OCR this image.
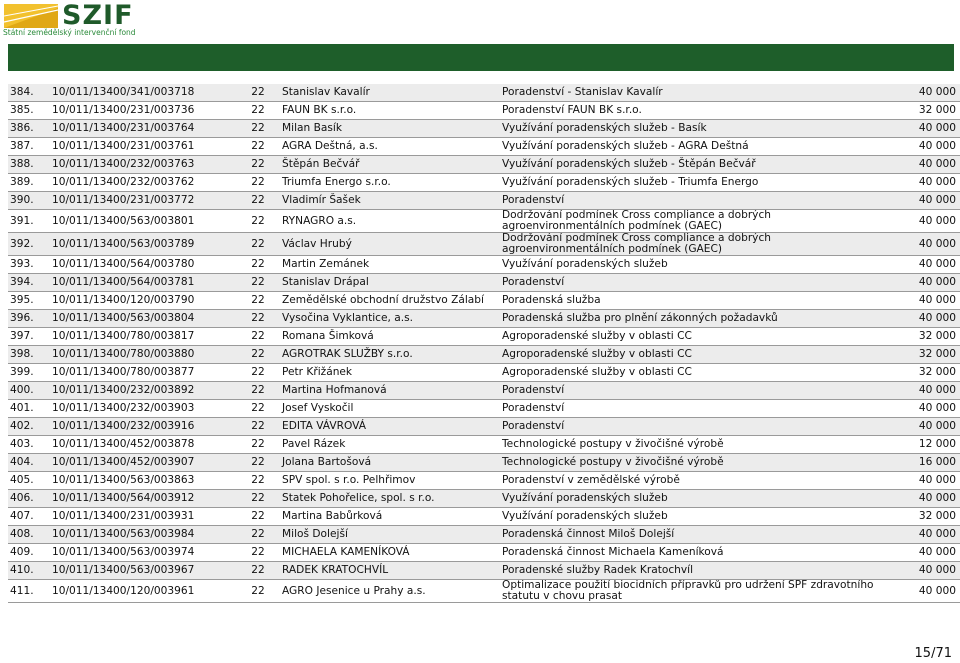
SZIF
Státní zemědělský intervenční fond
384.	10/011/13400/341/003718	22	Stanislav Kavalír	Poradenství - Stanislav Kavalír	40 000
385.	10/011/13400/231/003736	22	FAUN BK s.r.o.	Poradenství FAUN BK s.r.o.	32 000
386.	10/011/13400/231/003764	22	Milan Basík	Využívání poradenských služeb - Basík	40 000
387.	10/011/13400/231/003761	22	AGRA Deštná, a.s.	Využívání poradenských služeb - AGRA Deštná	40 000
388.	10/011/13400/232/003763	22	Štěpán Bečvář	Využívání poradenských služeb - Štěpán Bečvář	40 000
389.	10/011/13400/232/003762	22	Triumfa Energo s.r.o.	Využívání poradenských služeb - Triumfa Energo	40 000
390.	10/011/13400/231/003772	22	Vladimír Šašek	Poradenství	40 000
391.	10/011/13400/563/003801	22	RYNAGRO a.s.	Dodržování podmínek Cross compliance a dobrých agroenvironmentálních podmínek (GAEC)	40 000
392.	10/011/13400/563/003789	22	Václav Hrubý	Dodržování podmínek Cross compliance a dobrých agroenvironmentálních podmínek (GAEC)	40 000
393.	10/011/13400/564/003780	22	Martin Zemánek	Využívání poradenských služeb	40 000
394.	10/011/13400/564/003781	22	Stanislav Drápal	Poradenství	40 000
395.	10/011/13400/120/003790	22	Zemědělské obchodní družstvo Zálabí	Poradenská služba	40 000
396.	10/011/13400/563/003804	22	Vysočina Vyklantice, a.s.	Poradenská služba pro plnění zákonných požadavků	40 000
397.	10/011/13400/780/003817	22	Romana Šimková	Agroporadenské služby v oblasti CC	32 000
398.	10/011/13400/780/003880	22	AGROTRAK SLUŽBY s.r.o.	Agroporadenské služby v oblasti CC	32 000
399.	10/011/13400/780/003877	22	Petr Křižánek	Agroporadenské služby v oblasti CC	32 000
400.	10/011/13400/232/003892	22	Martina Hofmanová	Poradenství	40 000
401.	10/011/13400/232/003903	22	Josef Vyskočil	Poradenství	40 000
402.	10/011/13400/232/003916	22	EDITA VÁVROVÁ	Poradenství	40 000
403.	10/011/13400/452/003878	22	Pavel Rázek	Technologické postupy v živočišné výrobě	12 000
404.	10/011/13400/452/003907	22	Jolana Bartošová	Technologické postupy v živočišné výrobě	16 000
405.	10/011/13400/563/003863	22	SPV spol. s r.o. Pelhřimov	Poradenství v zemědělské výrobě	40 000
406.	10/011/13400/564/003912	22	Statek Pohořelice, spol. s r.o.	Využívání poradenských služeb	40 000
407.	10/011/13400/231/003931	22	Martina Babůrková	Využívání poradenských služeb	32 000
408.	10/011/13400/563/003984	22	Miloš Dolejší	Poradenská činnost Miloš Dolejší	40 000
409.	10/011/13400/563/003974	22	MICHAELA KAMENÍKOVÁ	Poradenská činnost Michaela Kameníková	40 000
410.	10/011/13400/563/003967	22	RADEK KRATOCHVÍL	Poradenské služby Radek Kratochvíl	40 000
411.	10/011/13400/120/003961	22	AGRO Jesenice u Prahy a.s.	Optimalizace použití biocidních přípravků pro udržení SPF zdravotního statutu v chovu prasat	40 000
15/71
